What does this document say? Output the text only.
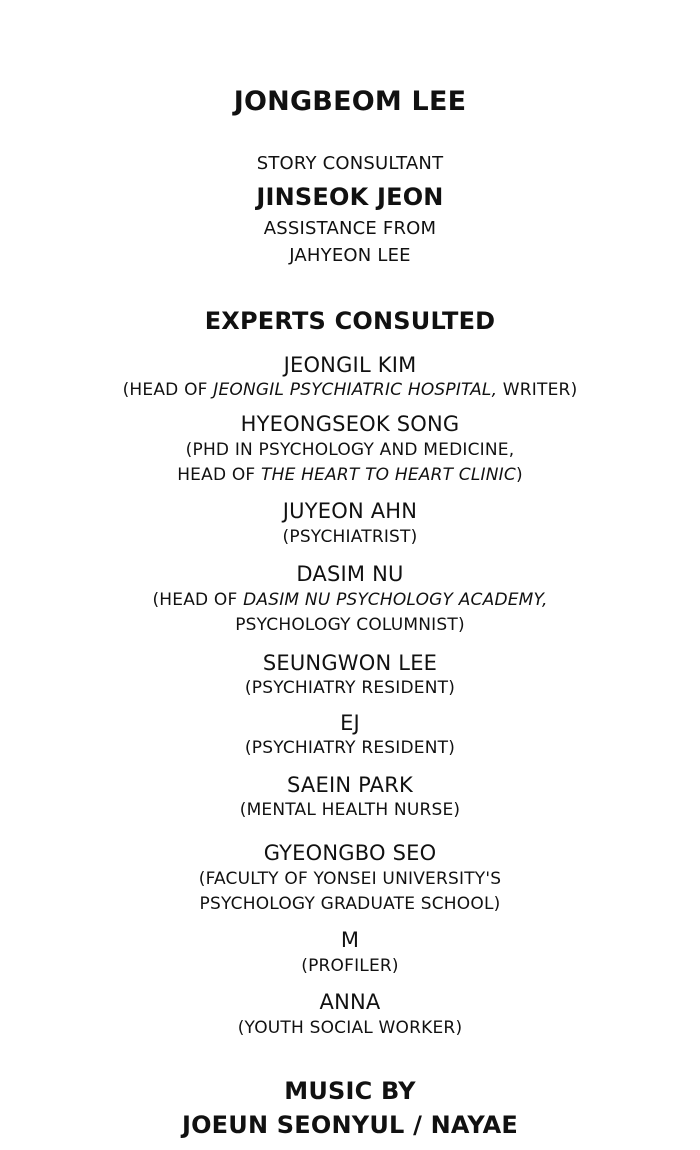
JONGBEOM LEE
STORY CONSULTANT
JINSEOK JEON
ASSISTANCE FROM
JAHYEON LEE
EXPERTS CONSULTED
JEONGIL KIM
(HEAD OF JEONGIL PSYCHIATRIC HOSPITAL, WRITER)
HYEONGSEOK SONG
(PHD IN PSYCHOLOGY AND MEDICINE,
HEAD OF THE HEART TO HEART CLINIC)
JUYEON AHN
(PSYCHIATRIST)
DASIM NU
(HEAD OF DASIM NU PSYCHOLOGY ACADEMY,
PSYCHOLOGY COLUMNIST)
SEUNGWON LEE
(PSYCHIATRY RESIDENT)
EJ
(PSYCHIATRY RESIDENT)
SAEIN PARK
(MENTAL HEALTH NURSE)
GYEONGBO SEO
(FACULTY OF YONSEI UNIVERSITY'S
PSYCHOLOGY GRADUATE SCHOOL)
M
(PROFILER)
ANNA
(YOUTH SOCIAL WORKER)
MUSIC BY
JOEUN SEONYUL / NAYAE
